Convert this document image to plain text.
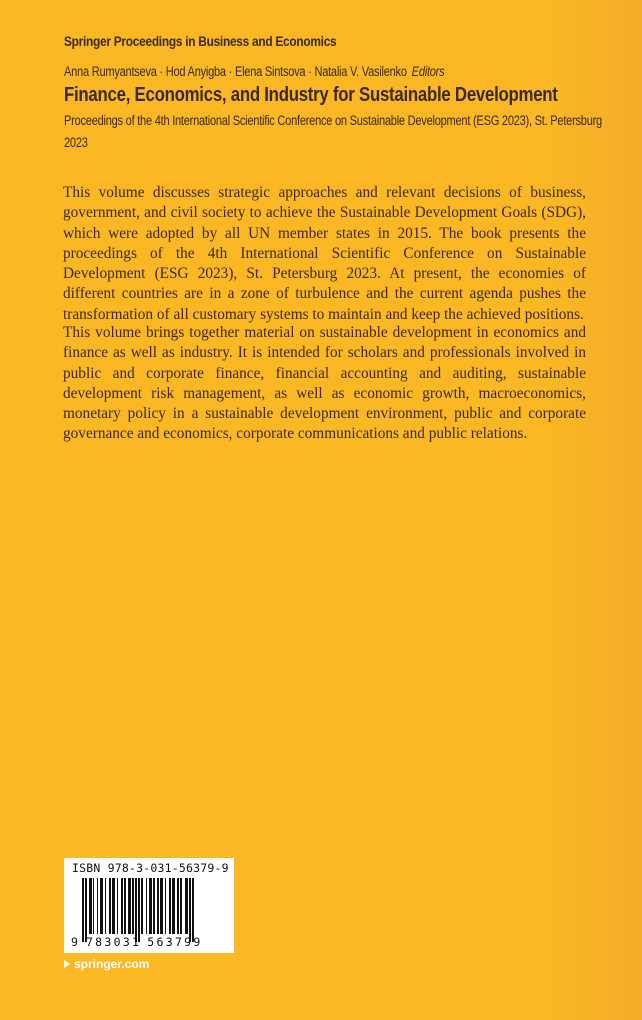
Springer Proceedings in Business and Economics
Anna Rumyantseva · Hod Anyigba · Elena Sintsova · Natalia V. Vasilenko Editors
Finance, Economics, and Industry for Sustainable Development
Proceedings of the 4th International Scientific Conference on Sustainable Development (ESG 2023), St. Petersburg 2023

This volume discusses strategic approaches and relevant decisions of business, government, and civil society to achieve the Sustainable Development Goals (SDG), which were adopted by all UN member states in 2015. The book presents the proceedings of the 4th International Scientific Conference on Sustainable Development (ESG 2023), St. Petersburg 2023. At present, the economies of different countries are in a zone of turbulence and the current agenda pushes the transformation of all customary systems to maintain and keep the achieved positions.

This volume brings together material on sustainable development in economics and finance as well as industry. It is intended for scholars and professionals involved in public and corporate finance, financial accounting and auditing, sustainable development risk management, as well as economic growth, macroeconomics, monetary policy in a sustainable development environment, public and corporate governance and economics, corporate communications and public relations.

ISBN 978-3-031-56379-9
9 783031 563799
springer.com
